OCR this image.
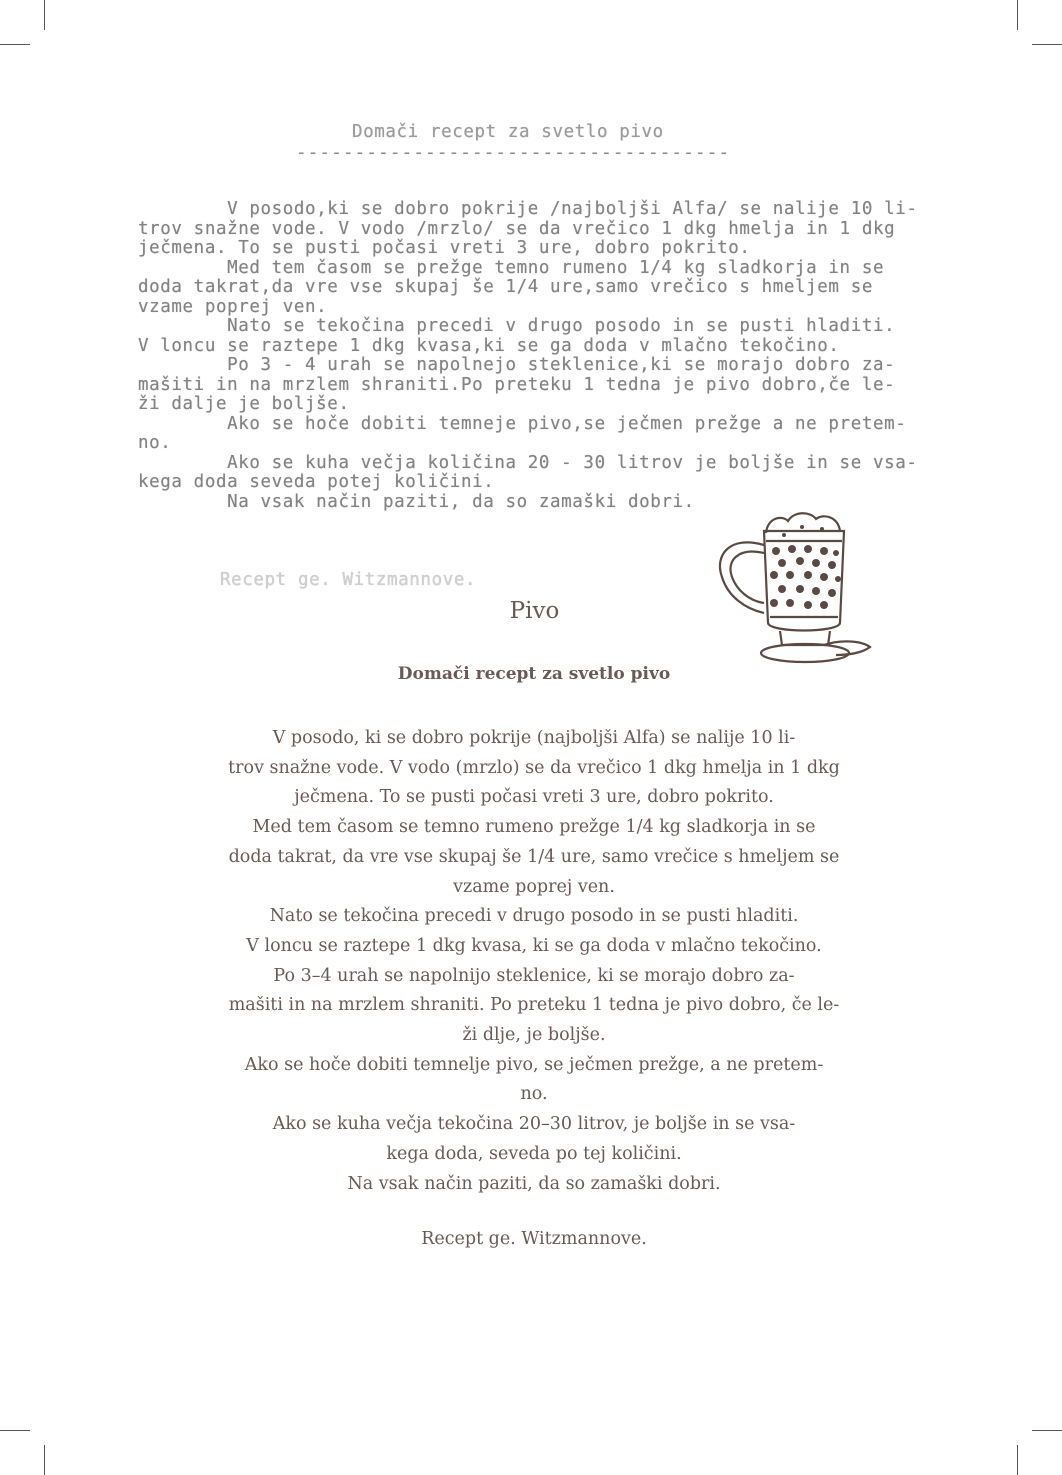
Domači recept za svetlo pivo
-------------------------------------
V posodo,ki se dobro pokrije /najboljši Alfa/ se nalije 10 li-
trov snažne vode. V vodo /mrzlo/ se da vrečico 1 dkg hmelja in 1 dkg
ječmena. To se pusti počasi vreti 3 ure, dobro pokrito.
Med tem časom se prežge temno rumeno 1/4 kg sladkorja in se
doda takrat,da vre vse skupaj še 1/4 ure,samo vrečico s hmeljem se
vzame poprej ven.
Nato se tekočina precedi v drugo posodo in se pusti hladiti.
V loncu se raztepe 1 dkg kvasa,ki se ga doda v mlačno tekočino.
Po 3 - 4 urah se napolnejo steklenice,ki se morajo dobro za-
mašiti in na mrzlem shraniti.Po preteku 1 tedna je pivo dobro,če le-
ži dalje je boljše.
Ako se hoče dobiti temneje pivo,se ječmen prežge a ne pretem-
no.
Ako se kuha večja količina 20 - 30 litrov je boljše in se vsa-
kega doda seveda potej količini.
Na vsak način paziti, da so zamaški dobri.
Recept ge. Witzmannove.
Pivo
Domači recept za svetlo pivo

V posodo, ki se dobro pokrije (najboljši Alfa) se nalije 10 li-

trov snažne vode. V vodo (mrzlo) se da vrečico 1 dkg hmelja in 1 dkg

ječmena. To se pusti počasi vreti 3 ure, dobro pokrito.

Med tem časom se temno rumeno prežge 1/4 kg sladkorja in se

doda takrat, da vre vse skupaj še 1/4 ure, samo vrečice s hmeljem se

vzame poprej ven.

Nato se tekočina precedi v drugo posodo in se pusti hladiti.

V loncu se raztepe 1 dkg kvasa, ki se ga doda v mlačno tekočino.

Po 3–4 urah se napolnijo steklenice, ki se morajo dobro za-

mašiti in na mrzlem shraniti. Po preteku 1 tedna je pivo dobro, če le-

ži dlje, je boljše.

Ako se hoče dobiti temnelje pivo, se ječmen prežge, a ne pretem-

no.

Ako se kuha večja tekočina 20–30 litrov, je boljše in se vsa-

kega doda, seveda po tej količini.

Na vsak način paziti, da so zamaški dobri.

Recept ge. Witzmannove.
